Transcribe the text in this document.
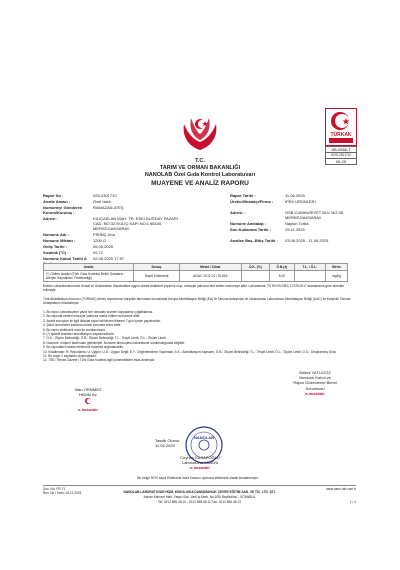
TÜRKAK
AB-0566-T
2025-2301710
06-25
T.C.
TARIM VE ORMAN BAKANLIĞI
NANOLAB Özel Gıda Kontrol Laboratuvarı
MUAYENE VE ANALİZ RAPORU
Rapor No :	025-2301710
Analiz Amacı :	Özel İstek
Numuneyi Gönderen Kurum/Kuruluş :RAMAZAN ATEŞ
Adresi :	KILIÇASLAN MAH. TR. ESKİ BUĞDAY PAZARI CAD. NO:32 M.A İÇ KAPI NO:1 66100, MERKEZ/AKSARAY
Numune Adı :	PİRİNÇ Unu
Numune Miktarı :	1200 G
Geliş Tarihi :	26.05.2025
Sıcaklık (°C) :	09.72
Numune Kabul Tarihi &02.06.2025 17:57
Rapor Tarihi :	11.06.2025
Üretici/İthalatçı/Firma :	İPEK ÜRÜNLERİ
Adresi :	OSB CUMHURİYET BLV. NO:35, MERKEZ/AKSARAY
Numune Ambalajı :	Naylon Torba
Son Kullanma Tarihi :	29.11.2026
Analize Baş.-Bitiş Tarihi : 03.06.2025 - 11.06.2025
Analiz	Sonuç	Metot / Cihaz	Ö.K. (%)	Ö.B.(±)	T.L. / Ö.L.	Birim
(*) Gluten Analizi (Türk Gıda Kodeksi Belirli Gıdaların Alerjen Kaynakları Yönetmeliği)	Tespit Edilemedi	AOAC 2012.01 / ELISA		5,00		mg/kg
Birimiz Laboratuvarımızda Ulusal ve Uluslararası Standartlara uygun olarak analizleri yapılmış olup, sonuçlar yalnızca test edilen numuneye aittir. Laboratuvar, TS EN ISO/IEC 17025:2017 standardına göre akredite edilmiştir.
Türk Akreditasyon Kurumu (TÜRKAK) deney raporlarının karşılıklı tanınması konusunda Avrupa Akreditasyon Birliği (EA) ile Tanıma Anlaşması ve Uluslararası Laboratuvar Akreditasyon Birliği (ILAC) ile Karşılıklı Tanıma Anlaşmasını imzalamıştır.

1. Bu rapor, laboratuvarın yazılı izni olmadan kısmen kopyalanıp çoğaltılamaz.

2. Bu raporda verilen sonuçlar yalnızca analiz edilen numuneye aittir.

3. Analiz sonuçları ile ilgili itirazlar rapor tarihinden itibaren 7 gün içinde yapılmalıdır.

4. Şahit numuneler saklama süresi sonunda imha edilir.

5. Bu rapor elektronik imza ile imzalanmıştır.

6. (*) işaretli analizler akreditasyon kapsamındadır.

7. Ö.K.: Ölçüm Belirsizliği; Ö.B.: Ölçüm Belirsizliği; T.L.: Tespit Limiti; Ö.L.: Ölçüm Limiti.

8. Numune, müşteri tarafından getirilmiştir. Numune alma işlemi laboratuvar sorumluluğunda değildir.

9. Bu rapordaki imzalar elektronik ortamda doğrulanabilir.

10. Kısaltmalar: R: Raporlama; U: Uygun; U.D.: Uygun Değil; E.Y.: Değerlendirme Yapılmadı; A.K.: Akreditasyon Kapsamı; Ö.B.: Ölçüm Belirsizliği; T.L.: Tespit Limiti; Ö.L.: Ölçüm Limiti; O.G.: Onaylanmış Gıda.

11. Bu rapor 1 sayfadan oluşmaktadır.

12. TSE / Resmi Gazete / Türk Gıda Kodeksi ilgili yönetmelikleri esas alınmıştır.

Irfan ORMMEZ
HKMM Av.
e-imzalıdır
NANOLAB
Tasdik Olunur
11.06.2025
Ceyhun KASAPOĞLU
Laboratuvar Müdürü
e-imzalıdır
Bülent YATLIGÖZ
Numune Kabul ve
Rapor Düzenleme Birimi
Sorumlusu
e-imzalıdır
Bu belge 5070 sayılı Elektronik İmza Kanunu uyarınca elektronik olarak imzalanmıştır.
Doc. No: FR-71
Rev. No / Tarih: 06.11.2024
www.nano-lab.com.tr
NANOLAB LABORATUVAR HİZM. KİMYA GIDA DANIŞMANLIK ÇEVRE EĞİTİM SAN. VE TİC. LTD. ŞTİ.
Adnan Kahveci Mah. Yaşşu Sok. Vadi İş Merk. No:2/35 Beylikdüzü - İSTANBUL
Tel: 0212 855 48 10 - 0212 855 48 11 Fax: 0212 855 48 13	1 / 1
